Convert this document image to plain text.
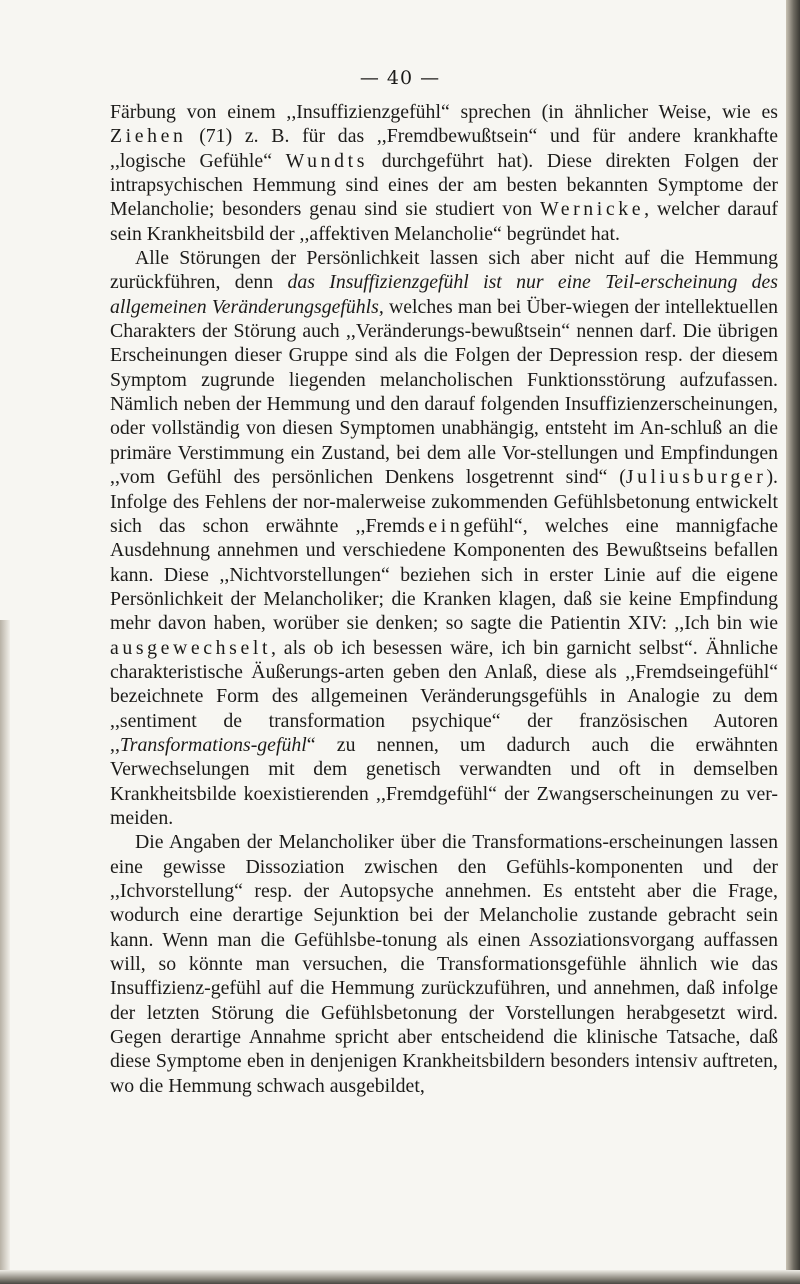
— 40 —

Färbung von einem ,,Insuffizienzgefühl“ sprechen (in ähnlicher Weise, wie es Ziehen (71) z. B. für das ,,Fremdbewußtsein“ und für andere krankhafte ,,logische Gefühle“ Wundts durchgeführt hat). Diese direkten Folgen der intrapsychischen Hemmung sind eines der am besten bekannten Symptome der Melancholie; besonders genau sind sie studiert von Wernicke, welcher darauf sein Krankheitsbild der ,,affektiven Melancholie“ begründet hat.

Alle Störungen der Persönlichkeit lassen sich aber nicht auf die Hemmung zurückführen, denn das Insuffizienzgefühl ist nur eine Teil-erscheinung des allgemeinen Veränderungsgefühls, welches man bei Über-wiegen der intellektuellen Charakters der Störung auch ,,Veränderungs-bewußtsein“ nennen darf. Die übrigen Erscheinungen dieser Gruppe sind als die Folgen der Depression resp. der diesem Symptom zugrunde liegenden melancholischen Funktionsstörung aufzufassen. Nämlich neben der Hemmung und den darauf folgenden Insuffizienzerscheinungen, oder vollständig von diesen Symptomen unabhängig, entsteht im An-schluß an die primäre Verstimmung ein Zustand, bei dem alle Vor-stellungen und Empfindungen ,,vom Gefühl des persönlichen Denkens losgetrennt sind“ (Juliusburger). Infolge des Fehlens der nor-malerweise zukommenden Gefühlsbetonung entwickelt sich das schon erwähnte ,,Fremdseingefühl“, welches eine mannigfache Ausdehnung annehmen und verschiedene Komponenten des Bewußtseins befallen kann. Diese ,,Nichtvorstellungen“ beziehen sich in erster Linie auf die eigene Persönlichkeit der Melancholiker; die Kranken klagen, daß sie keine Empfindung mehr davon haben, worüber sie denken; so sagte die Patientin XIV: ,,Ich bin wie ausgewechselt, als ob ich besessen wäre, ich bin garnicht selbst“. Ähnliche charakteristische Äußerungs-arten geben den Anlaß, diese als ,,Fremdseingefühl“ bezeichnete Form des allgemeinen Veränderungsgefühls in Analogie zu dem ,,sentiment de transformation psychique“ der französischen Autoren ,,Transformations-gefühl“ zu nennen, um dadurch auch die erwähnten Verwechselungen mit dem genetisch verwandten und oft in demselben Krankheitsbilde koexistierenden ,,Fremdgefühl“ der Zwangserscheinungen zu ver-meiden.

Die Angaben der Melancholiker über die Transformations-erscheinungen lassen eine gewisse Dissoziation zwischen den Gefühls-komponenten und der ,,Ichvorstellung“ resp. der Autopsyche annehmen. Es entsteht aber die Frage, wodurch eine derartige Sejunktion bei der Melancholie zustande gebracht sein kann. Wenn man die Gefühlsbe-tonung als einen Assoziationsvorgang auffassen will, so könnte man versuchen, die Transformationsgefühle ähnlich wie das Insuffizienz-gefühl auf die Hemmung zurückzuführen, und annehmen, daß infolge der letzten Störung die Gefühlsbetonung der Vorstellungen herabgesetzt wird. Gegen derartige Annahme spricht aber entscheidend die klinische Tatsache, daß diese Symptome eben in denjenigen Krankheitsbildern besonders intensiv auftreten, wo die Hemmung schwach ausgebildet,
